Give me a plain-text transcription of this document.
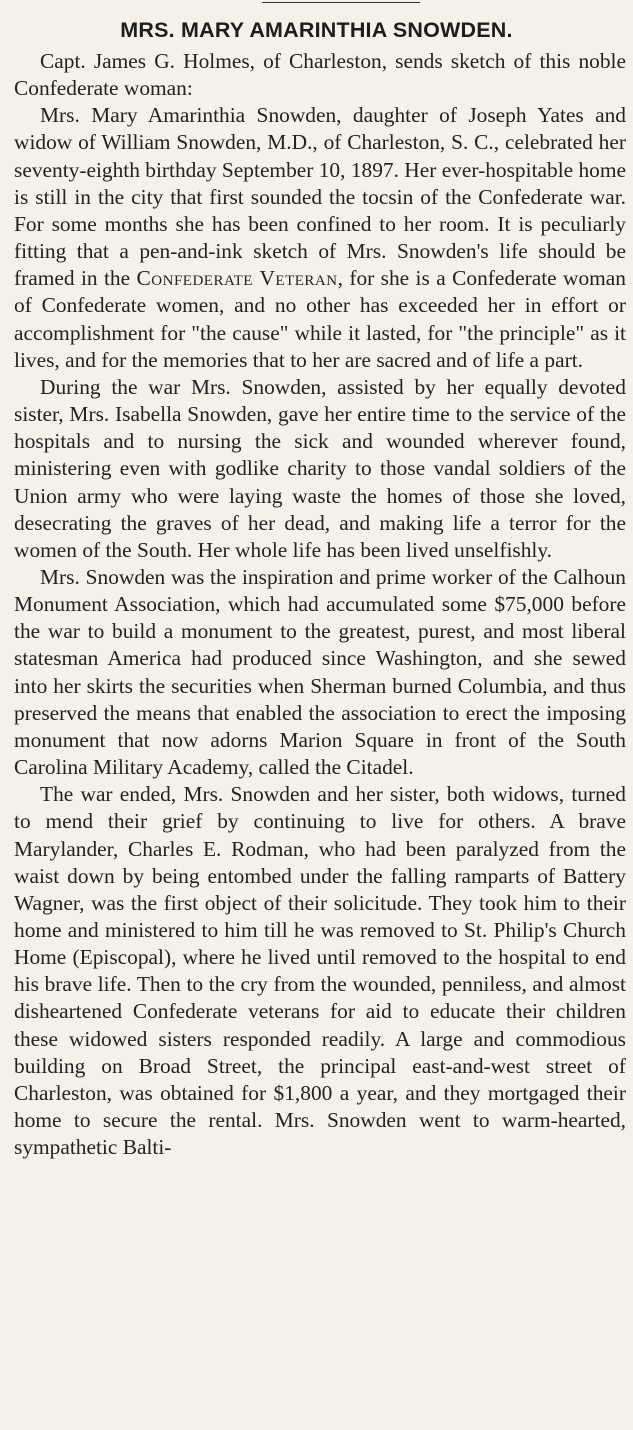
MRS. MARY AMARINTHIA SNOWDEN.

Capt. James G. Holmes, of Charleston, sends sketch of this noble Confederate woman:

Mrs. Mary Amarinthia Snowden, daughter of Joseph Yates and widow of William Snowden, M.D., of Charleston, S. C., celebrated her seventy-eighth birthday September 10, 1897. Her ever-hospitable home is still in the city that first sounded the tocsin of the Confederate war. For some months she has been confined to her room. It is peculiarly fitting that a pen-and-ink sketch of Mrs. Snowden's life should be framed in the Confederate Veteran, for she is a Confederate woman of Confederate women, and no other has exceeded her in effort or accomplishment for "the cause" while it lasted, for "the principle" as it lives, and for the memories that to her are sacred and of life a part.

During the war Mrs. Snowden, assisted by her equally devoted sister, Mrs. Isabella Snowden, gave her entire time to the service of the hospitals and to nursing the sick and wounded wherever found, ministering even with godlike charity to those vandal soldiers of the Union army who were laying waste the homes of those she loved, desecrating the graves of her dead, and making life a terror for the women of the South. Her whole life has been lived unselfishly.

Mrs. Snowden was the inspiration and prime worker of the Calhoun Monument Association, which had accumulated some $75,000 before the war to build a monument to the greatest, purest, and most liberal statesman America had produced since Washington, and she sewed into her skirts the securities when Sherman burned Columbia, and thus preserved the means that enabled the association to erect the imposing monument that now adorns Marion Square in front of the South Carolina Military Academy, called the Citadel.

The war ended, Mrs. Snowden and her sister, both widows, turned to mend their grief by continuing to live for others. A brave Marylander, Charles E. Rodman, who had been paralyzed from the waist down by being entombed under the falling ramparts of Battery Wagner, was the first object of their solicitude. They took him to their home and ministered to him till he was removed to St. Philip's Church Home (Episcopal), where he lived until removed to the hospital to end his brave life. Then to the cry from the wounded, penniless, and almost disheartened Confederate veterans for aid to educate their children these widowed sisters responded readily. A large and commodious building on Broad Street, the principal east-and-west street of Charleston, was obtained for $1,800 a year, and they mortgaged their home to secure the rental. Mrs. Snowden went to warm-hearted, sympathetic Balti-
